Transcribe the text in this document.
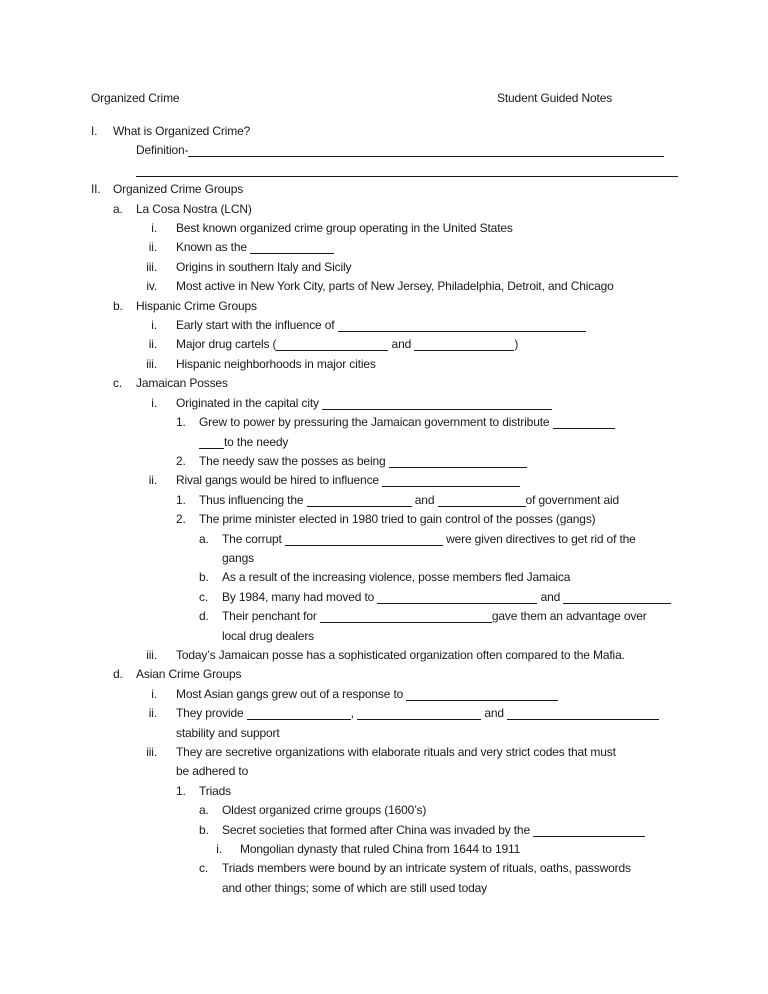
Organized Crime	Student Guided Notes
I.	What is Organized Crime?
Definition-
II.	Organized Crime Groups
a.	La Cosa Nostra (LCN)
i. Best known organized crime group operating in the United States
ii. Known as the
iii. Origins in southern Italy and Sicily
iv. Most active in New York City, parts of New Jersey, Philadelphia, Detroit, and Chicago
b.	Hispanic Crime Groups
i. Early start with the influence of
ii. Major drug cartels (	and	)
iii. Hispanic neighborhoods in major cities
c.	Jamaican Posses
i. Originated in the capital city
1.	Grew to power by pressuring the Jamaican government to distribute
to the needy
2.	The needy saw the posses as being
ii. Rival gangs would be hired to influence
1.	Thus influencing the	and	of government aid
2.	The prime minister elected in 1980 tried to gain control of the posses (gangs)
a.	The corrupt	were given directives to get rid of the
gangs
b.	As a result of the increasing violence, posse members fled Jamaica
c.	By 1984, many had moved to	and
d.	Their penchant for	gave them an advantage over
local drug dealers
iii. Today’s Jamaican posse has a sophisticated organization often compared to the Mafia.
d.	Asian Crime Groups
i. Most Asian gangs grew out of a response to
ii. They provide	,	and
stability and support
iii. They are secretive organizations with elaborate rituals and very strict codes that must
be adhered to
1.	Triads
a.	Oldest organized crime groups (1600’s)
b.	Secret societies that formed after China was invaded by the
i. Mongolian dynasty that ruled China from 1644 to 1911
c.	Triads members were bound by an intricate system of rituals, oaths, passwords
and other things; some of which are still used today
